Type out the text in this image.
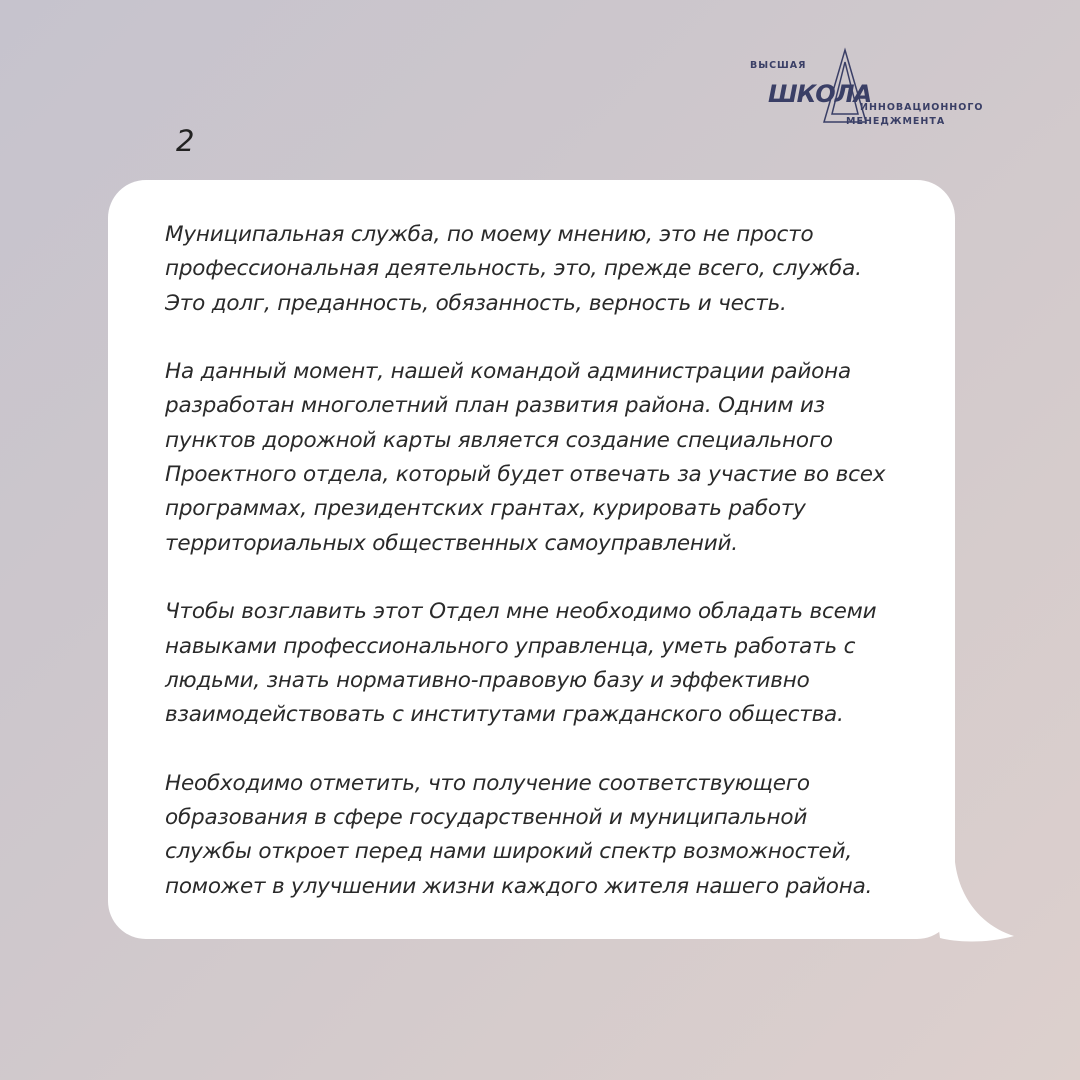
2
ВЫСШАЯ
ШКОЛА
ИННОВАЦИОННОГО
МЕНЕДЖМЕНТА

Муниципальная служба, по моему мнению, это не просто
профессиональная деятельность, это, прежде всего, служба.
Это долг, преданность, обязанность, верность и честь.

На данный момент, нашей командой администрации района
разработан многолетний план развития района. Одним из
пунктов дорожной карты является создание специального
Проектного отдела, который будет отвечать за участие во всех
программах, президентских грантах, курировать работу
территориальных общественных самоуправлений.

Чтобы возглавить этот Отдел мне необходимо обладать всеми
навыками профессионального управленца, уметь работать с
людьми, знать нормативно-правовую базу и эффективно
взаимодействовать с институтами гражданского общества.

Необходимо отметить, что получение соответствующего
образования в сфере государственной и муниципальной
службы откроет перед нами широкий спектр возможностей,
поможет в улучшении жизни каждого жителя нашего района.
